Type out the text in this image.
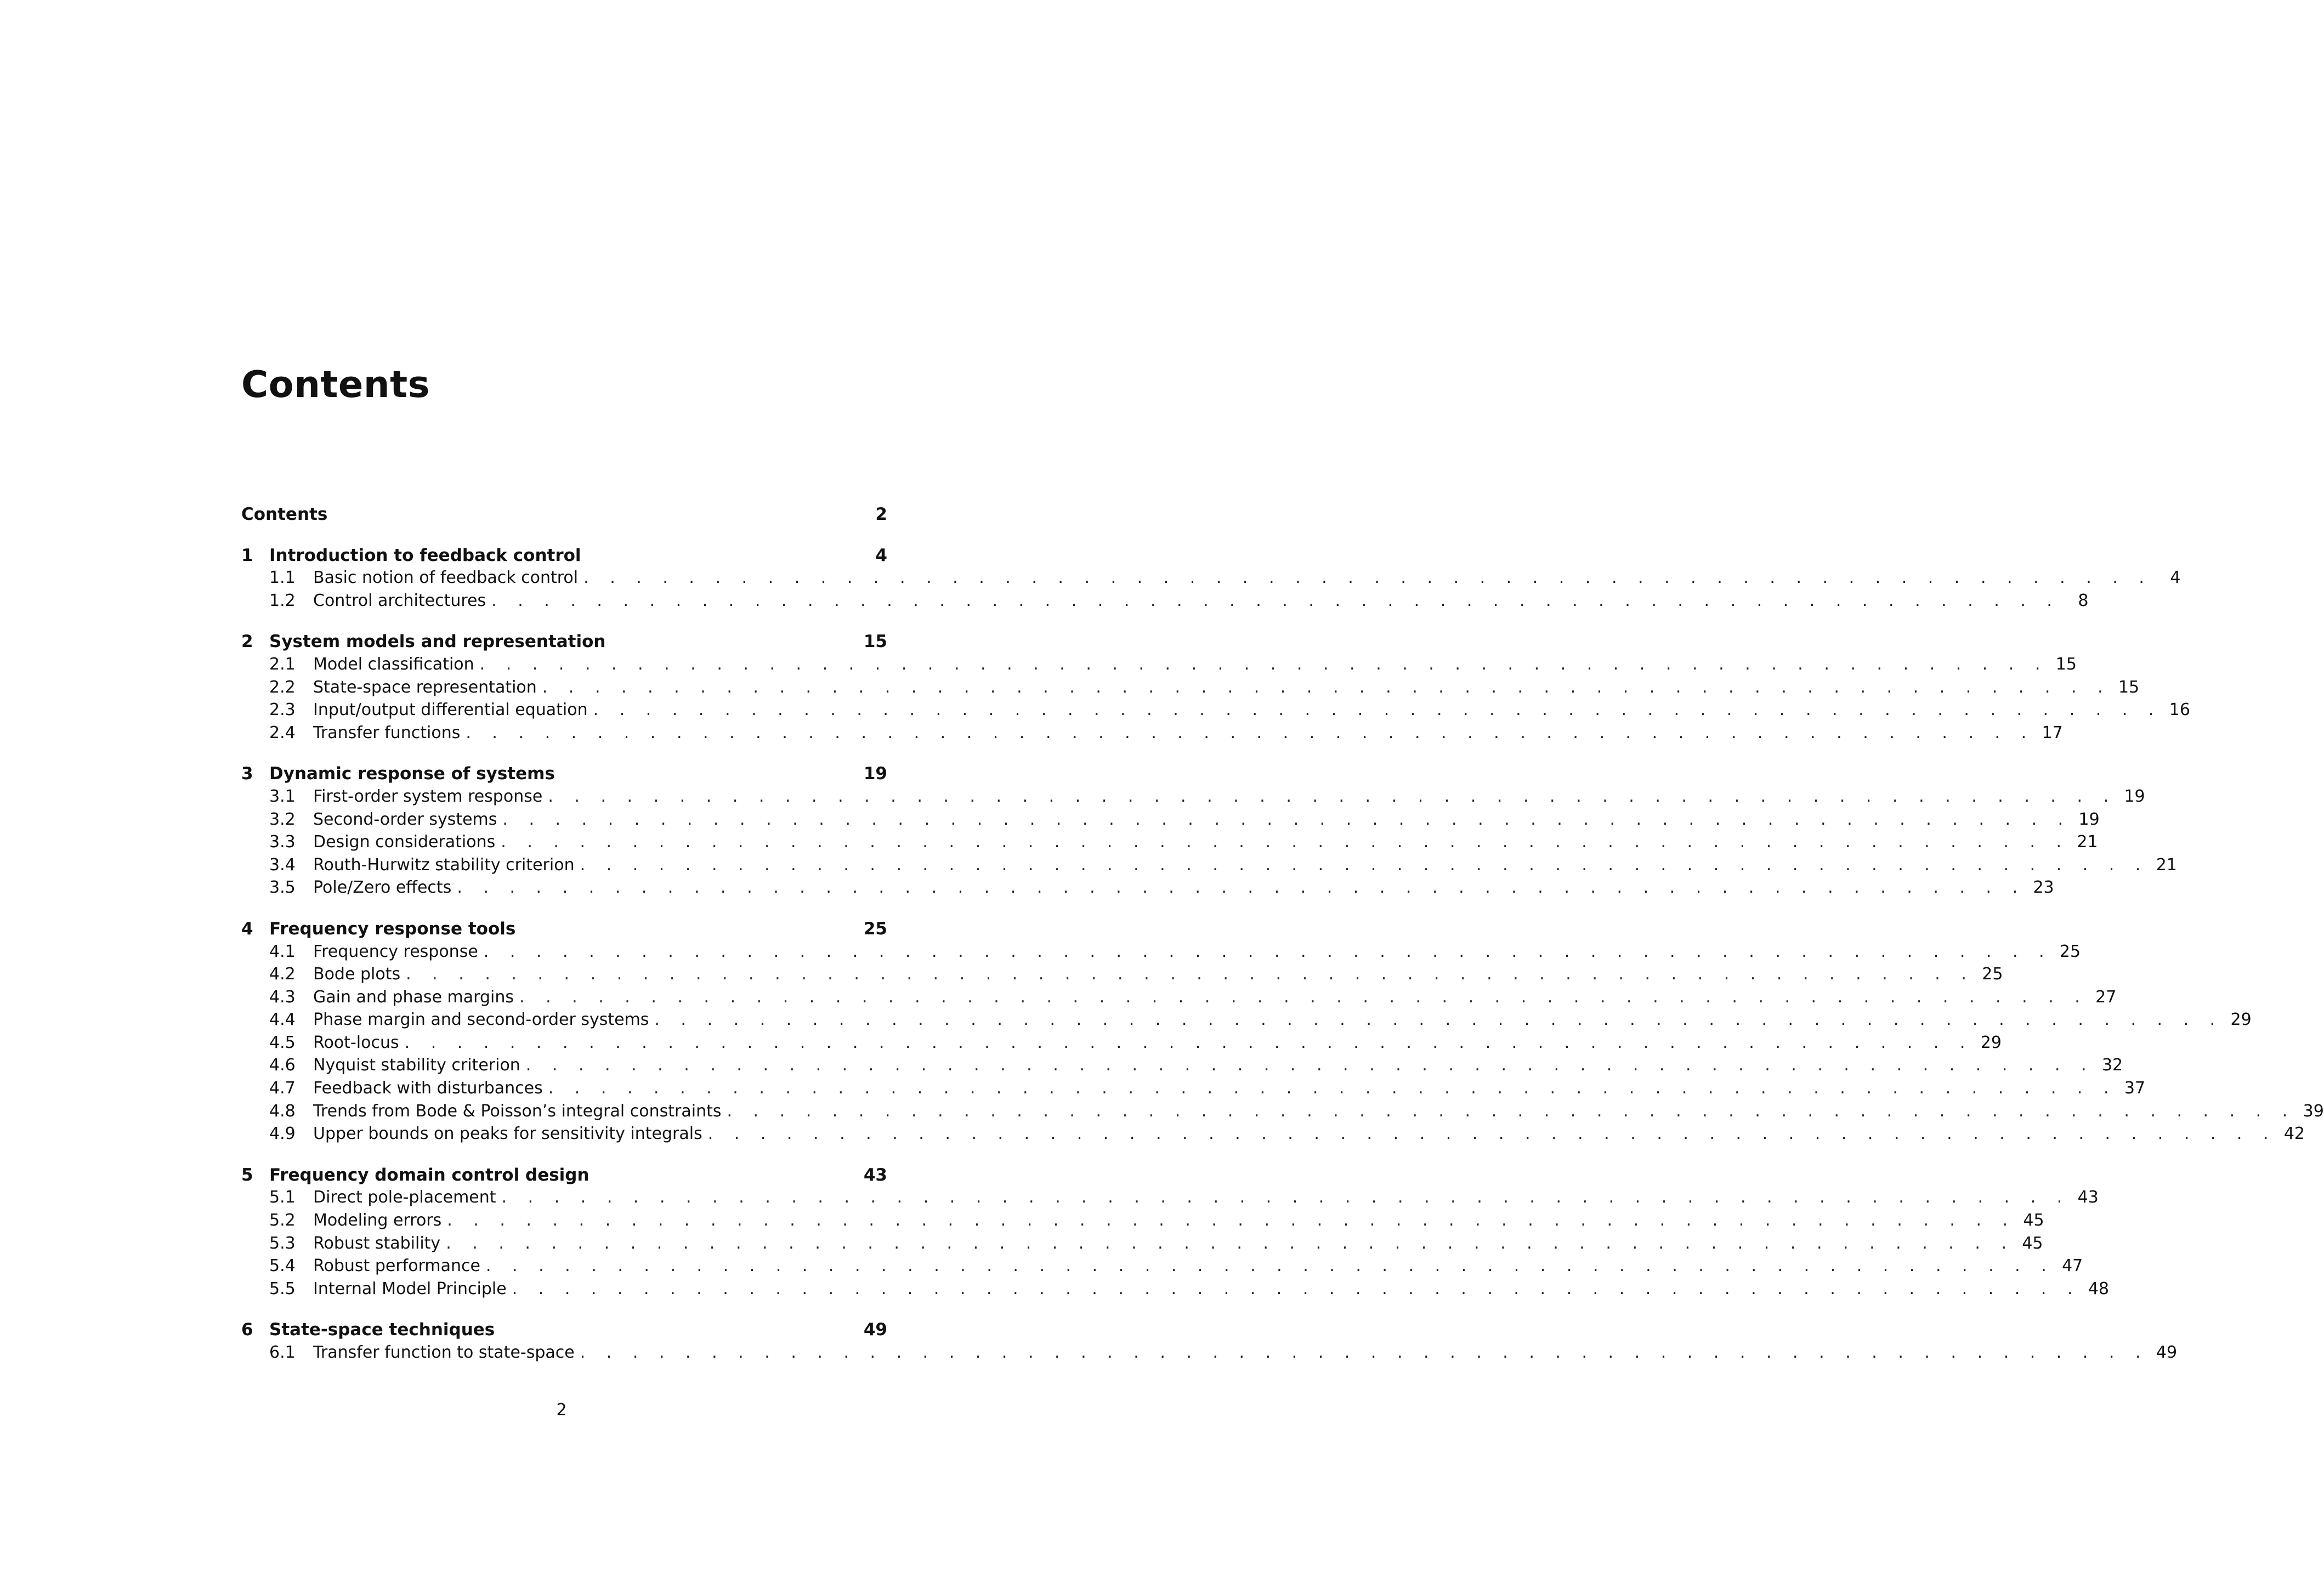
Contents
Contents	2
1 Introduction to feedback control	4
1.1	Basic notion of feedback control . . . . . . . . . . . . . . . . . . . . . . . . . . . . . . . . . . . . . . . . . . . . . . . . . . . . . . . . . . . .	4
1.2	Control architectures . . . . . . . . . . . . . . . . . . . . . . . . . . . . . . . . . . . . . . . . . . . . . . . . . . . . . . . . . . . .	8
2 System models and representation	15
2.1	Model classification . . . . . . . . . . . . . . . . . . . . . . . . . . . . . . . . . . . . . . . . . . . . . . . . . . . . . . . . . . . . 15
2.2	State-space representation . . . . . . . . . . . . . . . . . . . . . . . . . . . . . . . . . . . . . . . . . . . . . . . . . . . . . . . . . . . . 15
2.3	Input/output differential equation . . . . . . . . . . . . . . . . . . . . . . . . . . . . . . . . . . . . . . . . . . . . . . . . . . . . . . . . . . . . 16
2.4	Transfer functions . . . . . . . . . . . . . . . . . . . . . . . . . . . . . . . . . . . . . . . . . . . . . . . . . . . . . . . . . . . . 17
3 Dynamic response of systems	19
3.1	First-order system response . . . . . . . . . . . . . . . . . . . . . . . . . . . . . . . . . . . . . . . . . . . . . . . . . . . . . . . . . . . . 19
3.2	Second-order systems . . . . . . . . . . . . . . . . . . . . . . . . . . . . . . . . . . . . . . . . . . . . . . . . . . . . . . . . . . . . 19
3.3	Design considerations . . . . . . . . . . . . . . . . . . . . . . . . . . . . . . . . . . . . . . . . . . . . . . . . . . . . . . . . . . . . 21
3.4	Routh-Hurwitz stability criterion . . . . . . . . . . . . . . . . . . . . . . . . . . . . . . . . . . . . . . . . . . . . . . . . . . . . . . . . . . . . 21
3.5	Pole/Zero effects . . . . . . . . . . . . . . . . . . . . . . . . . . . . . . . . . . . . . . . . . . . . . . . . . . . . . . . . . . . . 23
4 Frequency response tools	25
4.1	Frequency response . . . . . . . . . . . . . . . . . . . . . . . . . . . . . . . . . . . . . . . . . . . . . . . . . . . . . . . . . . . . 25
4.2	Bode plots . . . . . . . . . . . . . . . . . . . . . . . . . . . . . . . . . . . . . . . . . . . . . . . . . . . . . . . . . . . . 25
4.3	Gain and phase margins . . . . . . . . . . . . . . . . . . . . . . . . . . . . . . . . . . . . . . . . . . . . . . . . . . . . . . . . . . . . 27
4.4	Phase margin and second-order systems . . . . . . . . . . . . . . . . . . . . . . . . . . . . . . . . . . . . . . . . . . . . . . . . . . . . . . . . . . . . 29
4.5	Root-locus . . . . . . . . . . . . . . . . . . . . . . . . . . . . . . . . . . . . . . . . . . . . . . . . . . . . . . . . . . . . 29
4.6	Nyquist stability criterion . . . . . . . . . . . . . . . . . . . . . . . . . . . . . . . . . . . . . . . . . . . . . . . . . . . . . . . . . . . . 32
4.7	Feedback with disturbances . . . . . . . . . . . . . . . . . . . . . . . . . . . . . . . . . . . . . . . . . . . . . . . . . . . . . . . . . . . . 37
4.8	Trends from Bode & Poisson’s integral constraints . . . . . . . . . . . . . . . . . . . . . . . . . . . . . . . . . . . . . . . . . . . . . . . . . . . . . . . . . . . . 39
4.9	Upper bounds on peaks for sensitivity integrals . . . . . . . . . . . . . . . . . . . . . . . . . . . . . . . . . . . . . . . . . . . . . . . . . . . . . . . . . . . . 42
5 Frequency domain control design	43
5.1	Direct pole-placement . . . . . . . . . . . . . . . . . . . . . . . . . . . . . . . . . . . . . . . . . . . . . . . . . . . . . . . . . . . . 43
5.2	Modeling errors . . . . . . . . . . . . . . . . . . . . . . . . . . . . . . . . . . . . . . . . . . . . . . . . . . . . . . . . . . . . 45
5.3	Robust stability . . . . . . . . . . . . . . . . . . . . . . . . . . . . . . . . . . . . . . . . . . . . . . . . . . . . . . . . . . . . 45
5.4	Robust performance . . . . . . . . . . . . . . . . . . . . . . . . . . . . . . . . . . . . . . . . . . . . . . . . . . . . . . . . . . . . 47
5.5	Internal Model Principle . . . . . . . . . . . . . . . . . . . . . . . . . . . . . . . . . . . . . . . . . . . . . . . . . . . . . . . . . . . . 48
6 State-space techniques	49
6.1	Transfer function to state-space . . . . . . . . . . . . . . . . . . . . . . . . . . . . . . . . . . . . . . . . . . . . . . . . . . . . . . . . . . . . 49
2
